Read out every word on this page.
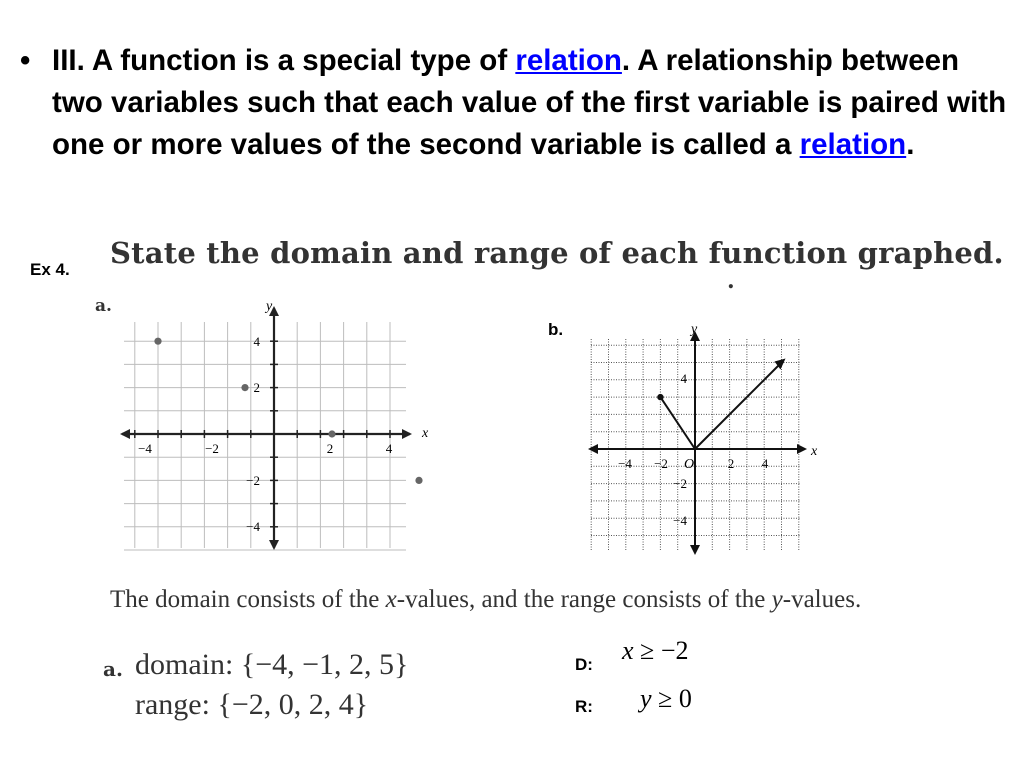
• III. A function is a special type of relation. A relationship between two variables such that each value of the first variable is paired with one or more values of the second variable is called a relation.
Ex 4. State the domain and range of each function graphed.
.
a.
x
y
−4	−2	2	4
4
2
−2
−4
b.
x
y
O
−4 −2	2 4
4
−2
−4
The domain consists of the x-values, and the range consists of the y-values.
a. domain: {−4, −1, 2, 5}
range: {−2, 0, 2, 4}
D: x ≥ −2
R: y ≥ 0
